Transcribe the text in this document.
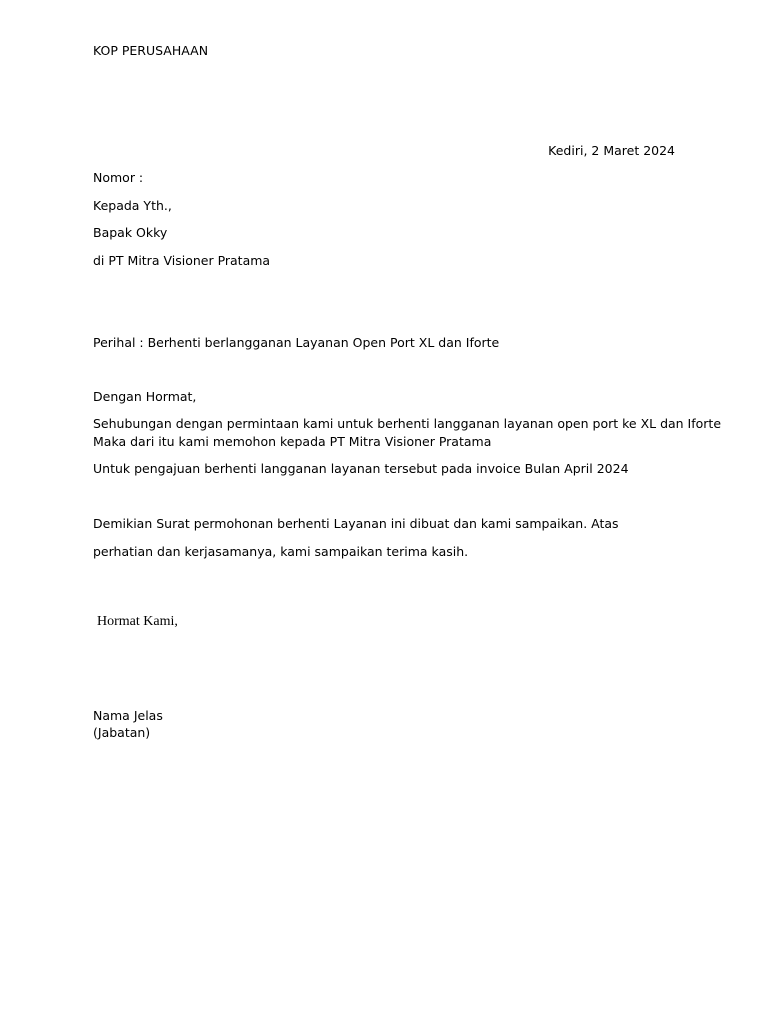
KOP PERUSAHAAN
Kediri, 2 Maret 2024
Nomor :
Kepada Yth.,
Bapak Okky
di PT Mitra Visioner Pratama
Perihal : Berhenti berlangganan Layanan Open Port XL dan Iforte
Dengan Hormat,
Sehubungan dengan permintaan kami untuk berhenti langganan layanan open port ke XL dan Iforte
Maka dari itu kami memohon kepada PT Mitra Visioner Pratama
Untuk pengajuan berhenti langganan layanan tersebut pada invoice Bulan April 2024
Demikian Surat permohonan berhenti Layanan ini dibuat dan kami sampaikan. Atas
perhatian dan kerjasamanya, kami sampaikan terima kasih.
Hormat Kami,
Nama Jelas
(Jabatan)
